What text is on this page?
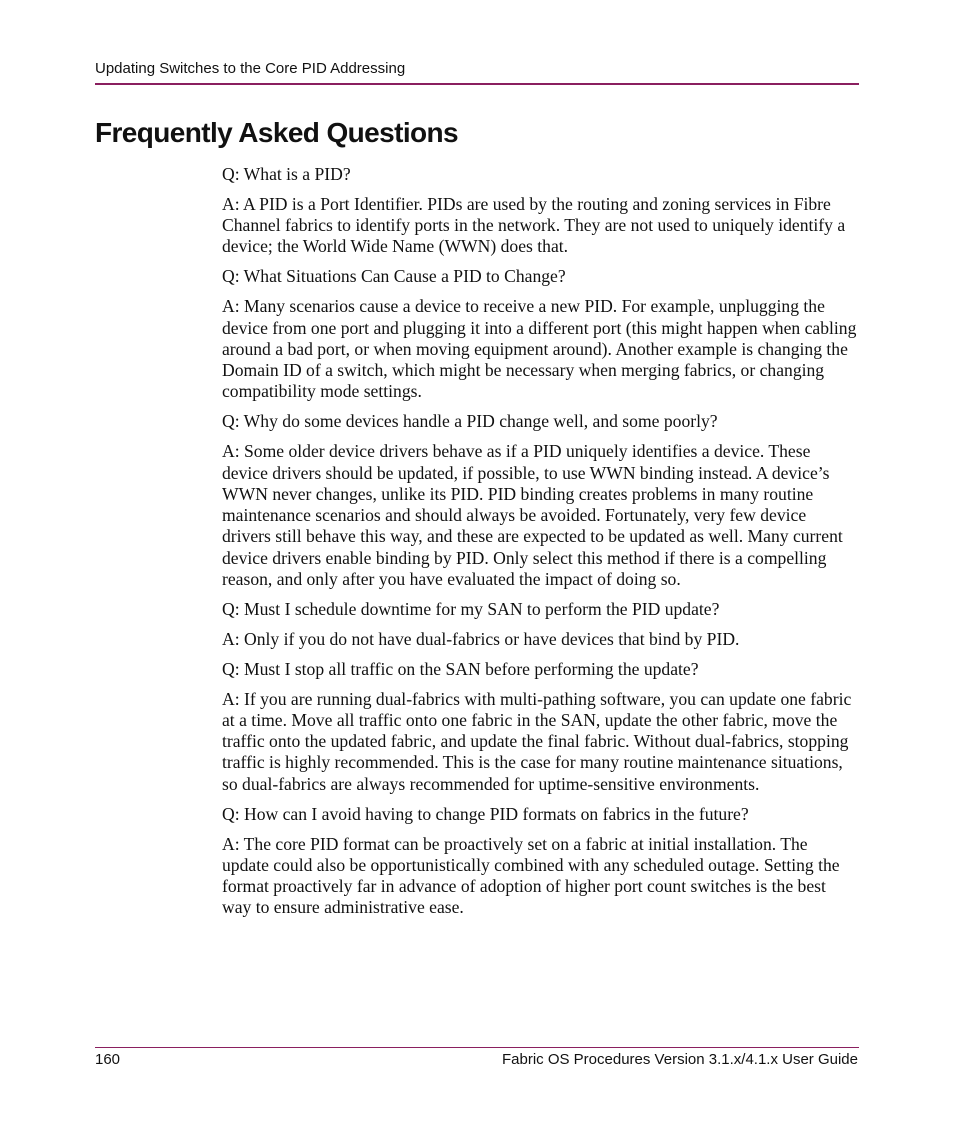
Updating Switches to the Core PID Addressing
Frequently Asked Questions

Q: What is a PID?

A: A PID is a Port Identifier. PIDs are used by the routing and zoning services in Fibre Channel fabrics to identify ports in the network. They are not used to uniquely identify a device; the World Wide Name (WWN) does that.

Q: What Situations Can Cause a PID to Change?

A: Many scenarios cause a device to receive a new PID. For example, unplugging the device from one port and plugging it into a different port (this might happen when cabling around a bad port, or when moving equipment around). Another example is changing the Domain ID of a switch, which might be necessary when merging fabrics, or changing compatibility mode settings.

Q: Why do some devices handle a PID change well, and some poorly?

A: Some older device drivers behave as if a PID uniquely identifies a device. These device drivers should be updated, if possible, to use WWN binding instead. A device’s WWN never changes, unlike its PID. PID binding creates problems in many routine maintenance scenarios and should always be avoided. Fortunately, very few device drivers still behave this way, and these are expected to be updated as well. Many current device drivers enable binding by PID. Only select this method if there is a compelling reason, and only after you have evaluated the impact of doing so.

Q: Must I schedule downtime for my SAN to perform the PID update?

A: Only if you do not have dual-fabrics or have devices that bind by PID.

Q: Must I stop all traffic on the SAN before performing the update?

A: If you are running dual-fabrics with multi-pathing software, you can update one fabric at a time. Move all traffic onto one fabric in the SAN, update the other fabric, move the traffic onto the updated fabric, and update the final fabric. Without dual-fabrics, stopping traffic is highly recommended. This is the case for many routine maintenance situations, so dual-fabrics are always recommended for uptime-sensitive environments.

Q: How can I avoid having to change PID formats on fabrics in the future?

A: The core PID format can be proactively set on a fabric at initial installation. The update could also be opportunistically combined with any scheduled outage. Setting the format proactively far in advance of adoption of higher port count switches is the best way to ensure administrative ease.

160	Fabric OS Procedures Version 3.1.x/4.1.x User Guide
